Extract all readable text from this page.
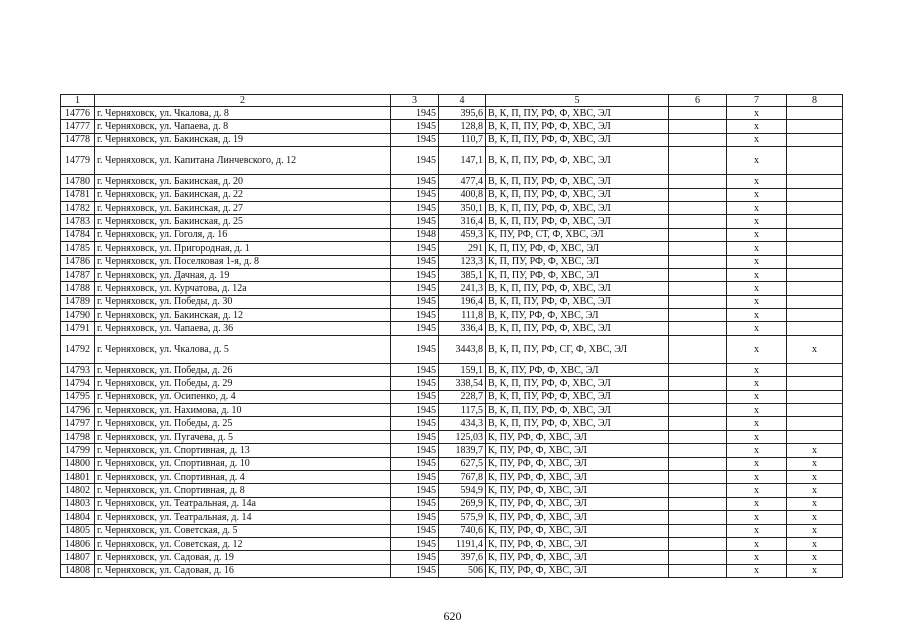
1	2	3	4	5	6	7	8
14776	г. Черняховск, ул. Чкалова, д. 8	1945	395,6	В, К, П, ПУ, РФ, Ф, ХВС, ЭЛ		x	
14777	г. Черняховск, ул. Чапаева, д. 8	1945	128,8	В, К, П, ПУ, РФ, Ф, ХВС, ЭЛ		x	
14778	г. Черняховск, ул. Бакинская, д. 19	1945	110,7	В, К, П, ПУ, РФ, Ф, ХВС, ЭЛ		x	
14779	г. Черняховск, ул. Капитана Линчевского, д. 12	1945	147,1	В, К, П, ПУ, РФ, Ф, ХВС, ЭЛ		x	
14780	г. Черняховск, ул. Бакинская, д. 20	1945	477,4	В, К, П, ПУ, РФ, Ф, ХВС, ЭЛ		x	
14781	г. Черняховск, ул. Бакинская, д. 22	1945	400,8	В, К, П, ПУ, РФ, Ф, ХВС, ЭЛ		x	
14782	г. Черняховск, ул. Бакинская, д. 27	1945	350,1	В, К, П, ПУ, РФ, Ф, ХВС, ЭЛ		x	
14783	г. Черняховск, ул. Бакинская, д. 25	1945	316,4	В, К, П, ПУ, РФ, Ф, ХВС, ЭЛ		x	
14784	г. Черняховск, ул. Гоголя, д. 16	1948	459,3	К, ПУ, РФ, СТ, Ф, ХВС, ЭЛ		x	
14785	г. Черняховск, ул. Пригородная, д. 1	1945	291	К, П, ПУ, РФ, Ф, ХВС, ЭЛ		x	
14786	г. Черняховск, ул. Поселковая 1-я, д. 8	1945	123,3	К, П, ПУ, РФ, Ф, ХВС, ЭЛ		x	
14787	г. Черняховск, ул. Дачная, д. 19	1945	385,1	К, П, ПУ, РФ, Ф, ХВС, ЭЛ		x	
14788	г. Черняховск, ул. Курчатова, д. 12а	1945	241,3	В, К, П, ПУ, РФ, Ф, ХВС, ЭЛ		x	
14789	г. Черняховск, ул. Победы, д. 30	1945	196,4	В, К, П, ПУ, РФ, Ф, ХВС, ЭЛ		x	
14790	г. Черняховск, ул. Бакинская, д. 12	1945	111,8	В, К, ПУ, РФ, Ф, ХВС, ЭЛ		x	
14791	г. Черняховск, ул. Чапаева, д. 36	1945	336,4	В, К, П, ПУ, РФ, Ф, ХВС, ЭЛ		x	
14792	г. Черняховск, ул. Чкалова, д. 5	1945	3443,8	В, К, П, ПУ, РФ, СГ, Ф, ХВС, ЭЛ		x	x
14793	г. Черняховск, ул. Победы, д. 26	1945	159,1	В, К, ПУ, РФ, Ф, ХВС, ЭЛ		x	
14794	г. Черняховск, ул. Победы, д. 29	1945	338,54	В, К, П, ПУ, РФ, Ф, ХВС, ЭЛ		x	
14795	г. Черняховск, ул. Осипенко, д. 4	1945	228,7	В, К, П, ПУ, РФ, Ф, ХВС, ЭЛ		x	
14796	г. Черняховск, ул. Нахимова, д. 10	1945	117,5	В, К, П, ПУ, РФ, Ф, ХВС, ЭЛ		x	
14797	г. Черняховск, ул. Победы, д. 25	1945	434,3	В, К, П, ПУ, РФ, Ф, ХВС, ЭЛ		x	
14798	г. Черняховск, ул. Пугачева, д. 5	1945	125,03	К, ПУ, РФ, Ф, ХВС, ЭЛ		x	
14799	г. Черняховск, ул. Спортивная, д. 13	1945	1839,7	К, ПУ, РФ, Ф, ХВС, ЭЛ		x	x
14800	г. Черняховск, ул. Спортивная, д. 10	1945	627,5	К, ПУ, РФ, Ф, ХВС, ЭЛ		x	x
14801	г. Черняховск, ул. Спортивная, д. 4	1945	767,8	К, ПУ, РФ, Ф, ХВС, ЭЛ		x	x
14802	г. Черняховск, ул. Спортивная, д. 8	1945	594,9	К, ПУ, РФ, Ф, ХВС, ЭЛ		x	x
14803	г. Черняховск, ул. Театральная, д. 14а	1945	269,9	К, ПУ, РФ, Ф, ХВС, ЭЛ		x	x
14804	г. Черняховск, ул. Театральная, д. 14	1945	575,9	К, ПУ, РФ, Ф, ХВС, ЭЛ		x	x
14805	г. Черняховск, ул. Советская, д. 5	1945	740,6	К, ПУ, РФ, Ф, ХВС, ЭЛ		x	x
14806	г. Черняховск, ул. Советская, д. 12	1945	1191,4	К, ПУ, РФ, Ф, ХВС, ЭЛ		x	x
14807	г. Черняховск, ул. Садовая, д. 19	1945	397,6	К, ПУ, РФ, Ф, ХВС, ЭЛ		x	x
14808	г. Черняховск, ул. Садовая, д. 16	1945	506	К, ПУ, РФ, Ф, ХВС, ЭЛ		x	x
620
